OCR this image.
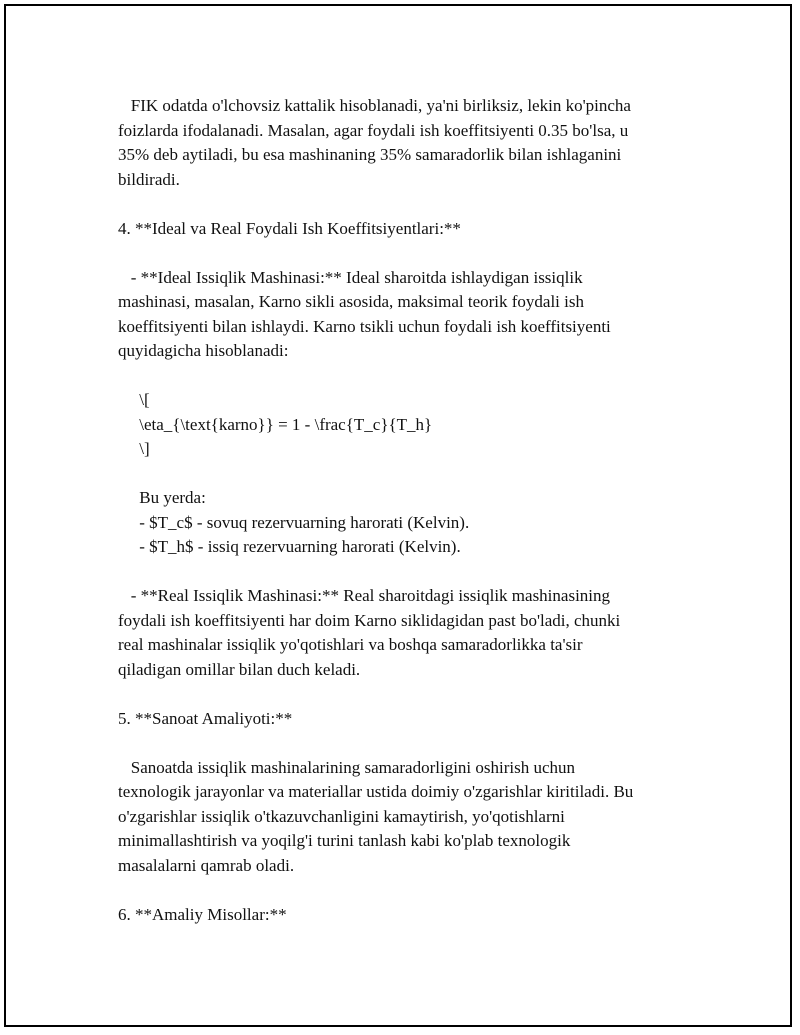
FIK odatda o'lchovsiz kattalik hisoblanadi, ya'ni birliksiz, lekin ko'pincha
foizlarda ifodalanadi. Masalan, agar foydali ish koeffitsiyenti 0.35 bo'lsa, u
35% deb aytiladi, bu esa mashinaning 35% samaradorlik bilan ishlaganini
bildiradi.
4. **Ideal va Real Foydali Ish Koeffitsiyentlari:**
- **Ideal Issiqlik Mashinasi:** Ideal sharoitda ishlaydigan issiqlik
mashinasi, masalan, Karno sikli asosida, maksimal teorik foydali ish
koeffitsiyenti bilan ishlaydi. Karno tsikli uchun foydali ish koeffitsiyenti
quyidagicha hisoblanadi:
\[
\eta_{\text{karno}} = 1 - \frac{T_c}{T_h}
\]
Bu yerda:
- $T_c$ - sovuq rezervuarning harorati (Kelvin).
- $T_h$ - issiq rezervuarning harorati (Kelvin).
- **Real Issiqlik Mashinasi:** Real sharoitdagi issiqlik mashinasining
foydali ish koeffitsiyenti har doim Karno siklidagidan past bo'ladi, chunki
real mashinalar issiqlik yo'qotishlari va boshqa samaradorlikka ta'sir
qiladigan omillar bilan duch keladi.
5. **Sanoat Amaliyoti:**
Sanoatda issiqlik mashinalarining samaradorligini oshirish uchun
texnologik jarayonlar va materiallar ustida doimiy o'zgarishlar kiritiladi. Bu
o'zgarishlar issiqlik o'tkazuvchanligini kamaytirish, yo'qotishlarni
minimallashtirish va yoqilg'i turini tanlash kabi ko'plab texnologik
masalalarni qamrab oladi.
6. **Amaliy Misollar:**
